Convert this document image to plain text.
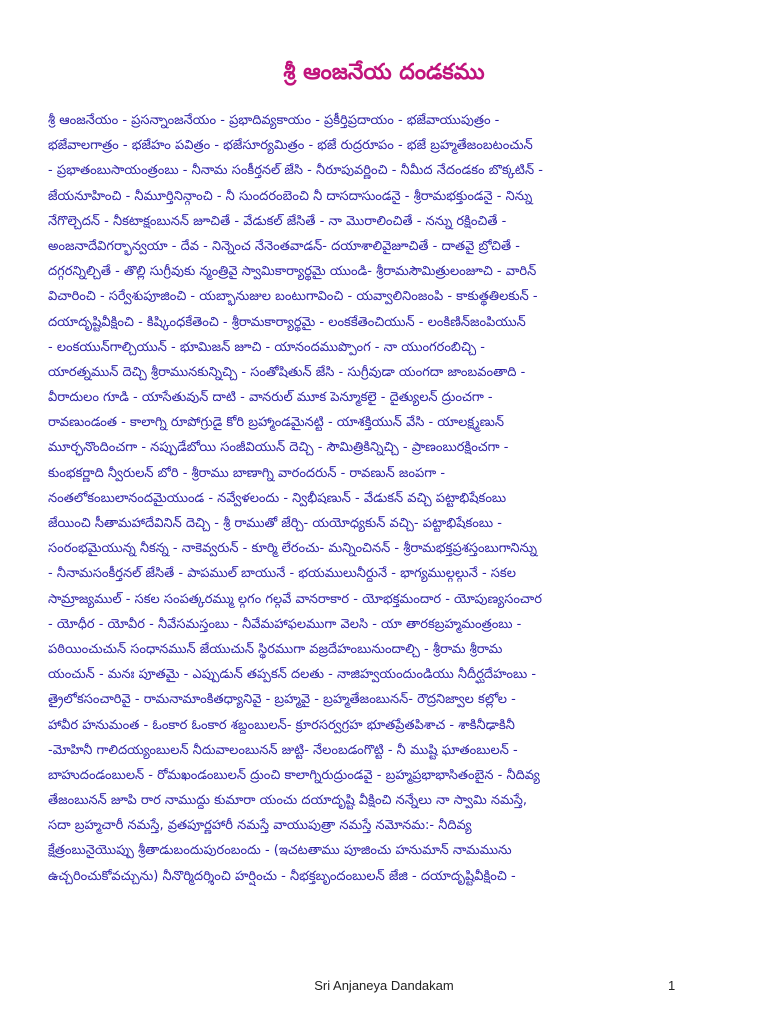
శ్రీ ఆంజనేయ దండకము
శ్రీ ఆంజనేయం - ప్రసన్నాంజనేయం - ప్రభాదివ్యకాయం - ప్రకీర్తిప్రదాయం - భజేవాయుపుత్రం -
భజేవాలగాత్రం - భజేహం పవిత్రం - భజేసూర్యమిత్రం - భజే రుద్రరూపం - భజే బ్రహ్మతేజంబటంచున్
- ప్రభాతంబుసాయంత్రంబు - నీనామ సంకీర్తనల్ జేసి - నీరూపువర్ణించి - నీమీద నేదండకం బొక్కటిన్ -
జేయనూహించి - నీమూర్తినిన్గాంచి - నీ సుందరంబెంచి నీ దాసదాసుండనై - శ్రీరామభక్తుండనై - నిన్ను
నేగొల్చెదన్ - నీకటాక్షంబునన్ జూచితే - వేడుకల్ జేసితే - నా మొరాలించితే - నన్ను రక్షించితే -
అంజనాదేవిగర్భాన్వయా - దేవ - నిన్నెంచ నేనెంతవాడన్- దయాశాలివైజూచితే - దాతవై బ్రోచితే -
దగ్గరన్నిల్చితే - తొల్లి సుగ్రీవుకు న్మంత్రివై స్వామికార్యార్థమై యుండి- శ్రీరామసౌమిత్రులంజూచి - వారిన్
విచారించి - సర్వేశుపూజించి - యబ్భానుజుల బంటుగావించి - యవ్వాలినింజంపి - కాకుత్థతిలకున్ -
దయాదృష్టివీక్షించి - కిష్కింధకేతెంచి - శ్రీరామకార్యార్థమై - లంకకేతెంచియున్ - లంకిణిన్‌జంపియున్
- లంకయున్‌గాల్చియున్ - భూమిజన్ జూచి - యానందముప్పొంగ - నా యుంగరంబిచ్చి -
యారత్నమున్ దెచ్చి శ్రీరామునకున్నిచ్చి - సంతోషితున్ జేసి - సుగ్రీవుడా యంగదా జాంబవంతాది -
వీరాదులం గూడి - యాసేతువున్ దాటి - వానరుల్ మూక పెన్మూకలై - దైత్యులన్ ద్రుంచగా -
రావణుండంత - కాలాగ్ని రూపోగ్రుడై కోరి బ్రహ్మాండమైనట్టి - యాశక్తియున్ వేసి - యాలక్ష్మణున్
మూర్ఛనొందించగా - నప్పుడేబోయి సంజీవియున్ దెచ్చి - సౌమిత్రికిన్నిచ్చి - ప్రాణంబురక్షించగా -
కుంభకర్ణాది న్వీరులన్ బోరి - శ్రీరాము బాణాగ్ని వారందరున్ - రావణున్ జంపగా -
నంతలోకంబులానందమైయుండ - నవ్వేళలందు - న్విభీషణున్ - వేడుకన్ వచ్చి పట్టాభిషేకంబు
జేయించి సీతామహాదేవినిన్ దెచ్చి - శ్రీ రాముతో జేర్చి- యయోధ్యకున్ వచ్చి- పట్టాభిషేకంబు -
సంరంభమైయున్న నీకన్న - నాకెవ్వరున్ - కూర్మి లేరంచు- మన్నించినన్ - శ్రీరామభక్తప్రశస్తంబుగానిన్ను
- నీనామసంకీర్తనల్ జేసితే - పాపముల్ బాయునే - భయములునీర్దునే - భాగ్యముల్గల్గునే - సకల
సామ్రాజ్యముల్ - సకల సంపత్కరమ్ము ల్గగం గల్గవే వానరాకార - యోభక్తమందార - యోపుణ్యసంచార
- యోధీర - యోవీర - నీవేసమస్తంబు - నీవేమహాఫలముగా వెలసి - యా తారకబ్రహ్మమంత్రంబు -
పఠియించుచున్ సంధానమున్ జేయుచున్ స్థిరముగా వజ్రదేహంబునుందాల్చి - శ్రీరామ శ్రీరామ
యంచున్ - మనః పూతమై - ఎప్పుడున్ తప్పకన్ దలతు - నాజిహ్వయందుండియు నీదీర్ఘదేహంబు -
త్రైలోకసంచారివై - రామనామాంకితధ్యానివై - బ్రహ్మవై - బ్రహ్మతేజంబునన్- రౌద్రనిజ్వాల కల్లోల -
హావీర హనుమంత - ఓంకార ఓంకార శబ్దంబులన్- క్రూరసర్వగ్రహ భూతప్రేతపిశాచ - శాకినీఢాకినీ
-మోహినీ గాలిదయ్యంబులన్ నీదువాలంబునన్ జుట్టి- నేలంబడంగొట్టి - నీ ముష్టి ఘాతంబులన్ -
బాహుదండంబులన్ - రోమఖండంబులన్ ద్రుంచి కాలాగ్నిరుద్రుండవై - బ్రహ్మప్రభాభాసితంబైన - నీదివ్య
తేజంబునన్ జూపి రార నాముద్దు కుమారా యంచు దయాదృష్టి వీక్షించి నన్నేలు నా స్వామి నమస్తే,
సదా బ్రహ్మచారీ నమస్తే, వ్రతపూర్ణహారీ నమస్తే వాయుపుత్రా నమస్తే నమోనమ:- నీదివ్య
క్షేత్రంబునైయొప్పు శ్రీతాడుబందుపురంబందు - (ఇచటతాము పూజించు హనుమాన్ నామమును
ఉచ్చరించుకోవచ్చును) నీనొర్మిదర్శించి హర్షించు - నీభక్తబృందంబులన్ జేజి - దయాదృష్టివీక్షించి -
Sri Anjaneya Dandakam	1
